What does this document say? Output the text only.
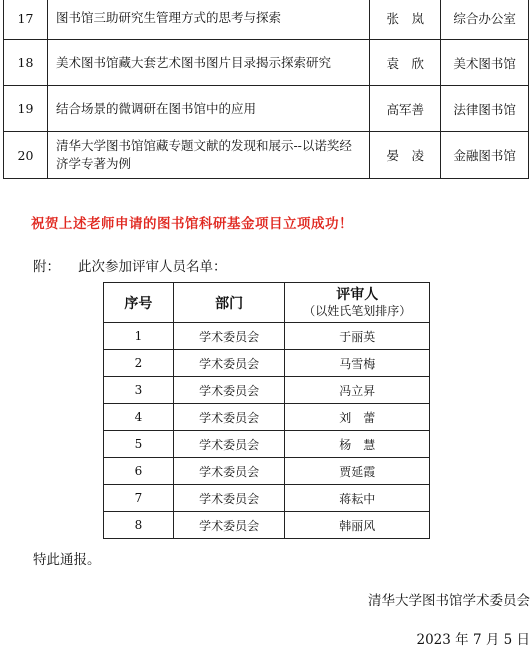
17	图书馆三助研究生管理方式的思考与探索	张　岚	综合办公室
18	美术图书馆藏大套艺术图书图片目录揭示探索研究	袁　欣	美术图书馆
19	结合场景的微调研在图书馆中的应用	高军善	法律图书馆
20	清华大学图书馆馆藏专题文献的发现和展示--以诺奖经济学专著为例	晏　凌	金融图书馆
祝贺上述老师申请的图书馆科研基金项目立项成功！
附： 此次参加评审人员名单：
序号	部门	评审人
（以姓氏笔划排序）

1	学术委员会	于丽英
2	学术委员会	马雪梅
3	学术委员会	冯立昇
4	学术委员会	刘　蕾
5	学术委员会	杨　慧
6	学术委员会	贾延霞
7	学术委员会	蒋耘中
8	学术委员会	韩丽风
特此通报。
清华大学图书馆学术委员会
2023 年 7 月 5 日
